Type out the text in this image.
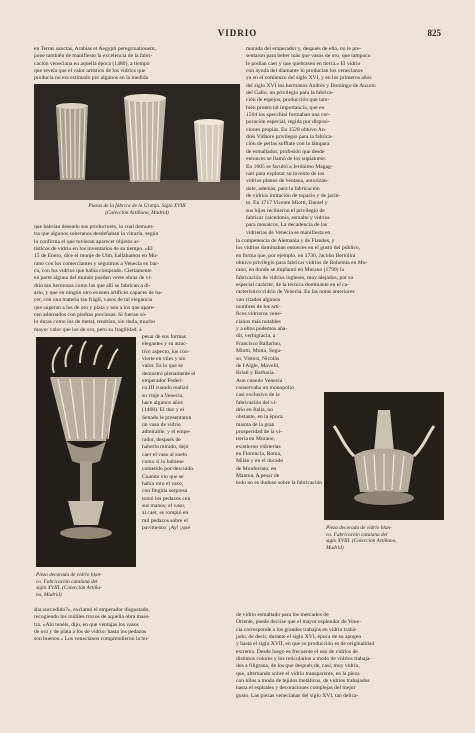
VIDRIO	825

en Terras sanctas, Arabias et Aegypti peregrinationem,

pone también de manifiesto la excelencia de la fabri-

cación veneciana en aquella época (1480), a tiempo

que revela que el valor artístico de los vidrios que

producía no era estimado por algunos en la medida

Piezas de la fábrica de la Granja. Siglo XVIII
(Colección Artiñano, Madrid)

morada del emperador y, después de ello, no le pre-

sentaron para beber más que vasos de oro, que tampoco

le podían caer y que quebrasen en tierra.» El vidrio

con ayuda del diamante lo producían los venecianos

ya en el comienzo del siglo XVI, y en los primeros años

del siglo XVI los hermanos Andrés y Domingo de Anzolo

del Gallo, un privilegio para la fabrica-

ción de espejos, producción que tam-

bién pronto tal importancia, que en

1564 los specchiai formaban una cor-

poración especial, regida por disposi-

ciones propias. En 1528 obtuvo An-

drés Vidaore privilegio para la fabrica-

ción de perlas soffiate con la lámpara

de esmaltador, profesión que desde

entonces se llamó de los supialume.

En 1605 se facultó a Jerónimo Magag-

nati para explotar su invento de los

vidrios planos de ventana, autorizán-

dole, además, para la fabricación

de vidrios imitación de topacio y de jacin-

to. En 1717 Vicente Miotti, Daniel y

sus hijos recibieron el privilegio de

fabricar calcedonia, esmalte y vidrios

para mosaicos. La decadencia de las

vidrierías de Venecia se manifiesta en

que habrían deseado sus productores, lo cual demues-

tra que algunos soberanos desdeñaban la vitraria, según

lo confirma el que tuvieran aparecer objetos ar-

tísticos de vidrio en los inventarios de su tiempo. «El

15 de Enero, dice el monje de Ulm, hallábamos en Mu-

rano con los comerciantes y seguimos a Venecia en bar-

ca, con los vidrios que había comprado. Ciertamente

en parte alguna del mundo pueden verse obras de vi-

drio tan hermosas como las que allí se fabrican a di-

ario, y que en ningún otro existen artífices capaces de ha-

cer, con una materia tan frágil, vasos de tal elegancia

que superan a los de oro y plata y aun a los que apare-

cen adornados con piedras preciosas. Si fueran só-

lo duras como los de metal, tendrían, sin duda, mucho

mayor valor que los de oro, pero su fragilidad, a

Pieza decorada de vidrio blan-
co. Fabricación catalana del
siglo XVIII. (Colección Artiña-
no, Madrid)

pesar de sus formas

elegantes y su atrac-

tivo aspecto, los con-

vierte en viles y sin

valor. Es lo que se

demostró plenamente el

emperador Federi-

co III cuando realizó

su viaje a Venecia,

hace algunos años

(1468). El dux y el

Senado le presentaron

un vaso de vidrio

admirable, y el empe-

rador, después de

haberlo mirado, dejó

caer el vaso al suelo

como si lo hubiese

cometido por descuido.

Cuando vio que se

había roto el vaso,

con fingida sorpresa

tomó los pedazos con

sus manos; el vaso,

al caer, se rompió en

mil pedazos sobre el

pavimento: ¡Ay! ¡qué

sha succedido?», exclamó el emperador disgustado,

recogiendo los inútiles trozos de aquella obra maes-

tra. «Ahí tenéis, dijo, en que ventajas los vasos

de oro y de plata a los de vidrio: hasta los pedazos

son buenos.» Los venecianos comprendieron la hu-

la competencia de Alemania y de Flandes, y

los vidrios dominaban entonces en el gusto del público,

en forma que, por ejemplo, en 1736, Jacobo Bertolini

obtuvo privilegio para fabricar vidrios de Bohemia en Mu-

rano, en donde se implantó en Murano (1790) la

fabricación de vidrios ingleses, muy alejados, por su

especial carácter, de la técnica dominante en el ca-

racterístico vidrio de Venecia. En las notas anteriores

van citados algunos

nombres de los artí-

fices vidrieros vene-

cianos más notables

y a ellos podemos aña-

dir, verbigracia, a

Francisco Ballarino,

Miotti, Motta, Segu-

so, Vistosi, Nicolás

de l'Aigle, Movelli,

Briati y Barbaria.

Aun cuando Venecia

conservaba un monopolio

casi exclusivo de la

fabricación del vi-

drio en Italia, no

obstante, en la época

misma de la gran

prosperidad de la vi-

trería en Murano,

existieron vidrierías

en Florencia, Roma,

Milán y en el ducado

de Monferrato, en

Mantua. A pesar de

todo no es dudoso sobre la fabricación

Pieza decorada de vidrio blan-
co. Fabricación catalana del
siglo XVIII. (Colección Artiñano,
Madrid)

de vidrio esmaltado para los mercados de

Oriente, puede decirse que el mayor esplendor de Vene-

cia corresponde a los grandes trabajos en vidrio traba-

jado, de decir, durante el siglo XVI, época de su apogeo

y hasta el siglo XVII, en que su producción es de originalidad

extrema. Desde luego es frecuente el uso de vidrios de

distintos colores y los retícularios a modo de vidrios trabaja-

dos a filigrana, de los que después de, casi, muy vidrio,

que, alternando sobre el vidrio transparente, en la pieza

con hilos a modo de tejidos metálicos, de vidrios trabajados

hasta el espirales y decoraciones complejas del mejor

gusto. Las piezas venecianas del siglo XVI, tan delica-
